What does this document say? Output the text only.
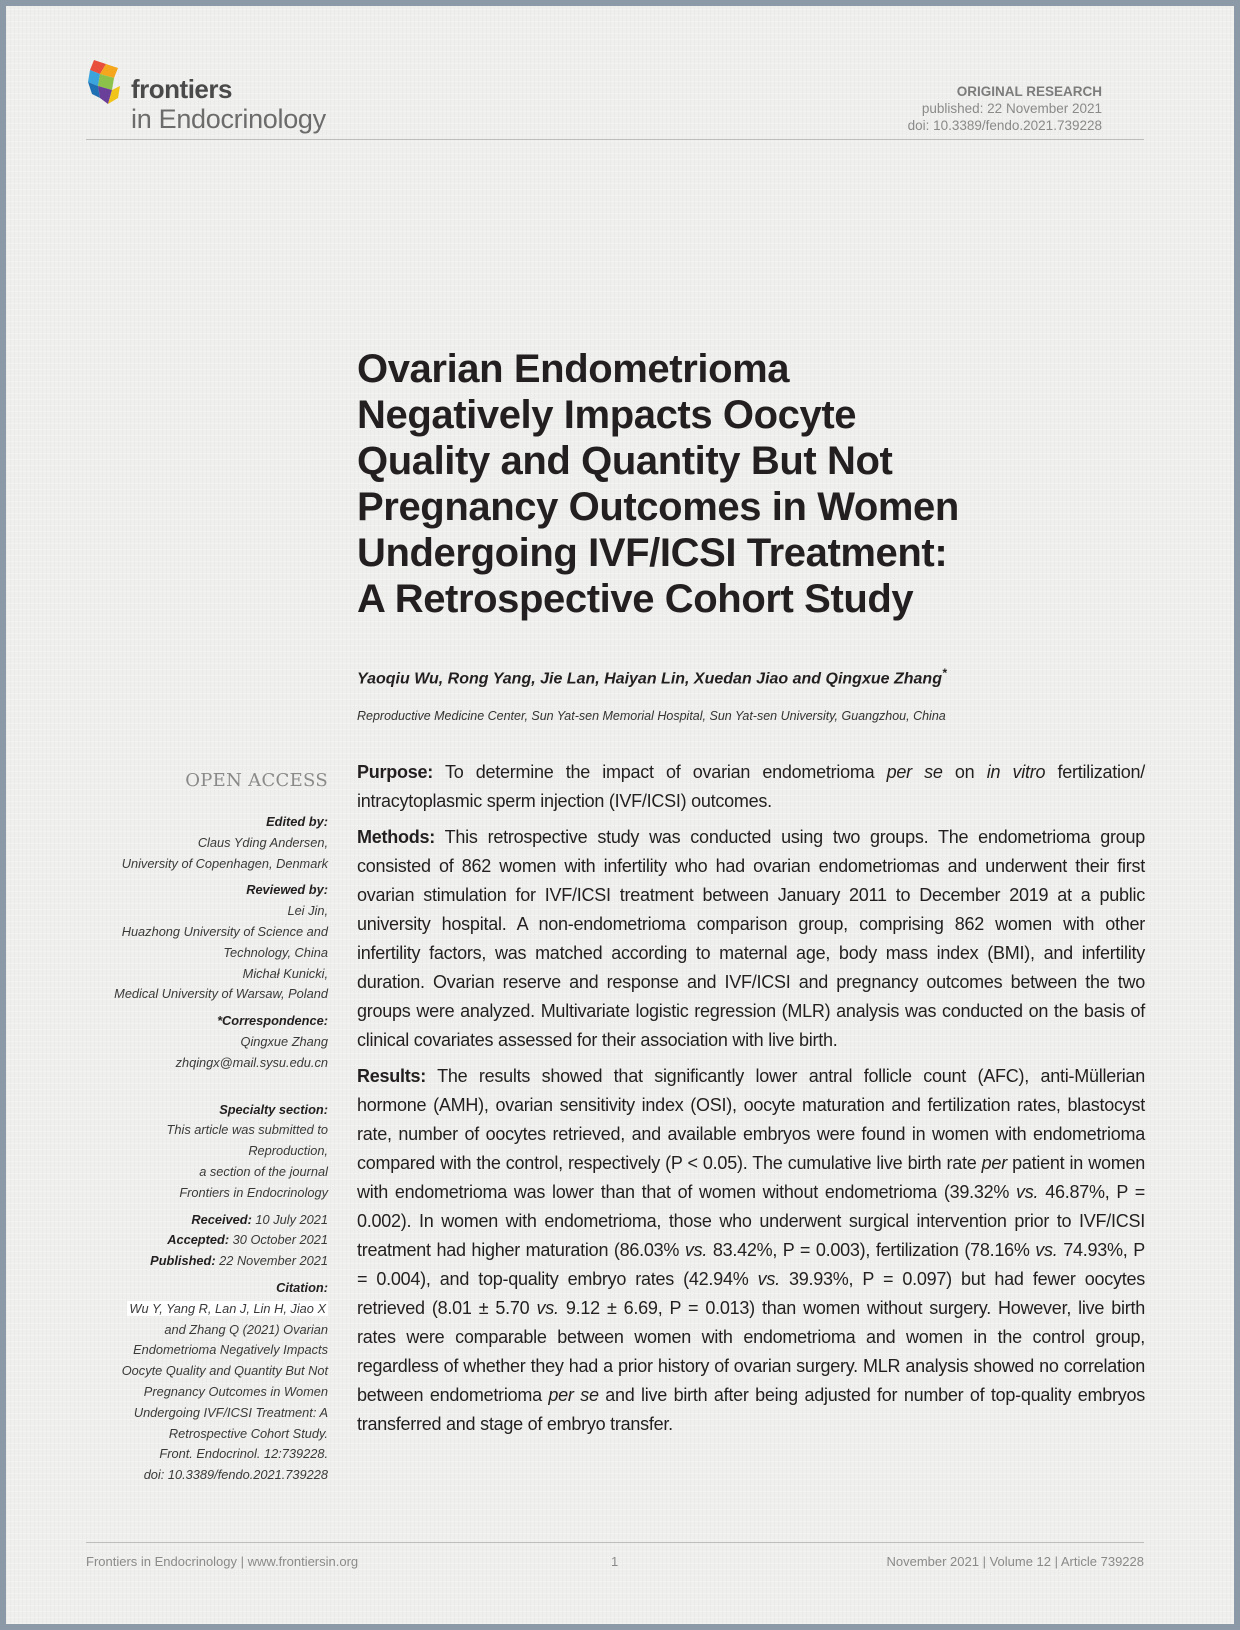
frontiers
in Endocrinology
ORIGINAL RESEARCH
published: 22 November 2021
doi: 10.3389/fendo.2021.739228
Ovarian Endometrioma
Negatively Impacts Oocyte
Quality and Quantity But Not
Pregnancy Outcomes in Women
Undergoing IVF/ICSI Treatment:
A Retrospective Cohort Study
Yaoqiu Wu, Rong Yang, Jie Lan, Haiyan Lin, Xuedan Jiao and Qingxue Zhang*
Reproductive Medicine Center, Sun Yat-sen Memorial Hospital, Sun Yat-sen University, Guangzhou, China
OPEN ACCESS
Edited by:
Claus Yding Andersen,
University of Copenhagen, Denmark
Reviewed by:
Lei Jin,
Huazhong University of Science and
Technology, China
Michał Kunicki,
Medical University of Warsaw, Poland
*Correspondence:
Qingxue Zhang
zhqingx@mail.sysu.edu.cn
Specialty section:
This article was submitted to
Reproduction,
a section of the journal
Frontiers in Endocrinology
Received: 10 July 2021
Accepted: 30 October 2021
Published: 22 November 2021
Citation:
Wu Y, Yang R, Lan J, Lin H, Jiao X
and Zhang Q (2021) Ovarian
Endometrioma Negatively Impacts
Oocyte Quality and Quantity But Not
Pregnancy Outcomes in Women
Undergoing IVF/ICSI Treatment: A
Retrospective Cohort Study.
Front. Endocrinol. 12:739228.
doi: 10.3389/fendo.2021.739228

Purpose: To determine the impact of ovarian endometrioma per se on in vitro fertilization/ intracytoplasmic sperm injection (IVF/ICSI) outcomes.

Methods: This retrospective study was conducted using two groups. The endometrioma group consisted of 862 women with infertility who had ovarian endometriomas and underwent their first ovarian stimulation for IVF/ICSI treatment between January 2011 to December 2019 at a public university hospital. A non-endometrioma comparison group, comprising 862 women with other infertility factors, was matched according to maternal age, body mass index (BMI), and infertility duration. Ovarian reserve and response and IVF/ICSI and pregnancy outcomes between the two groups were analyzed. Multivariate logistic regression (MLR) analysis was conducted on the basis of clinical covariates assessed for their association with live birth.

Results: The results showed that significantly lower antral follicle count (AFC), anti-Müllerian hormone (AMH), ovarian sensitivity index (OSI), oocyte maturation and fertilization rates, blastocyst rate, number of oocytes retrieved, and available embryos were found in women with endometrioma compared with the control, respectively (P < 0.05). The cumulative live birth rate per patient in women with endometrioma was lower than that of women without endometrioma (39.32% vs. 46.87%, P = 0.002). In women with endometrioma, those who underwent surgical intervention prior to IVF/ICSI treatment had higher maturation (86.03% vs. 83.42%, P = 0.003), fertilization (78.16% vs. 74.93%, P = 0.004), and top-quality embryo rates (42.94% vs. 39.93%, P = 0.097) but had fewer oocytes retrieved (8.01 ± 5.70 vs. 9.12 ± 6.69, P = 0.013) than women without surgery. However, live birth rates were comparable between women with endometrioma and women in the control group, regardless of whether they had a prior history of ovarian surgery. MLR analysis showed no correlation between endometrioma per se and live birth after being adjusted for number of top-quality embryos transferred and stage of embryo transfer.

Frontiers in Endocrinology | www.frontiersin.org	1	November 2021 | Volume 12 | Article 739228
